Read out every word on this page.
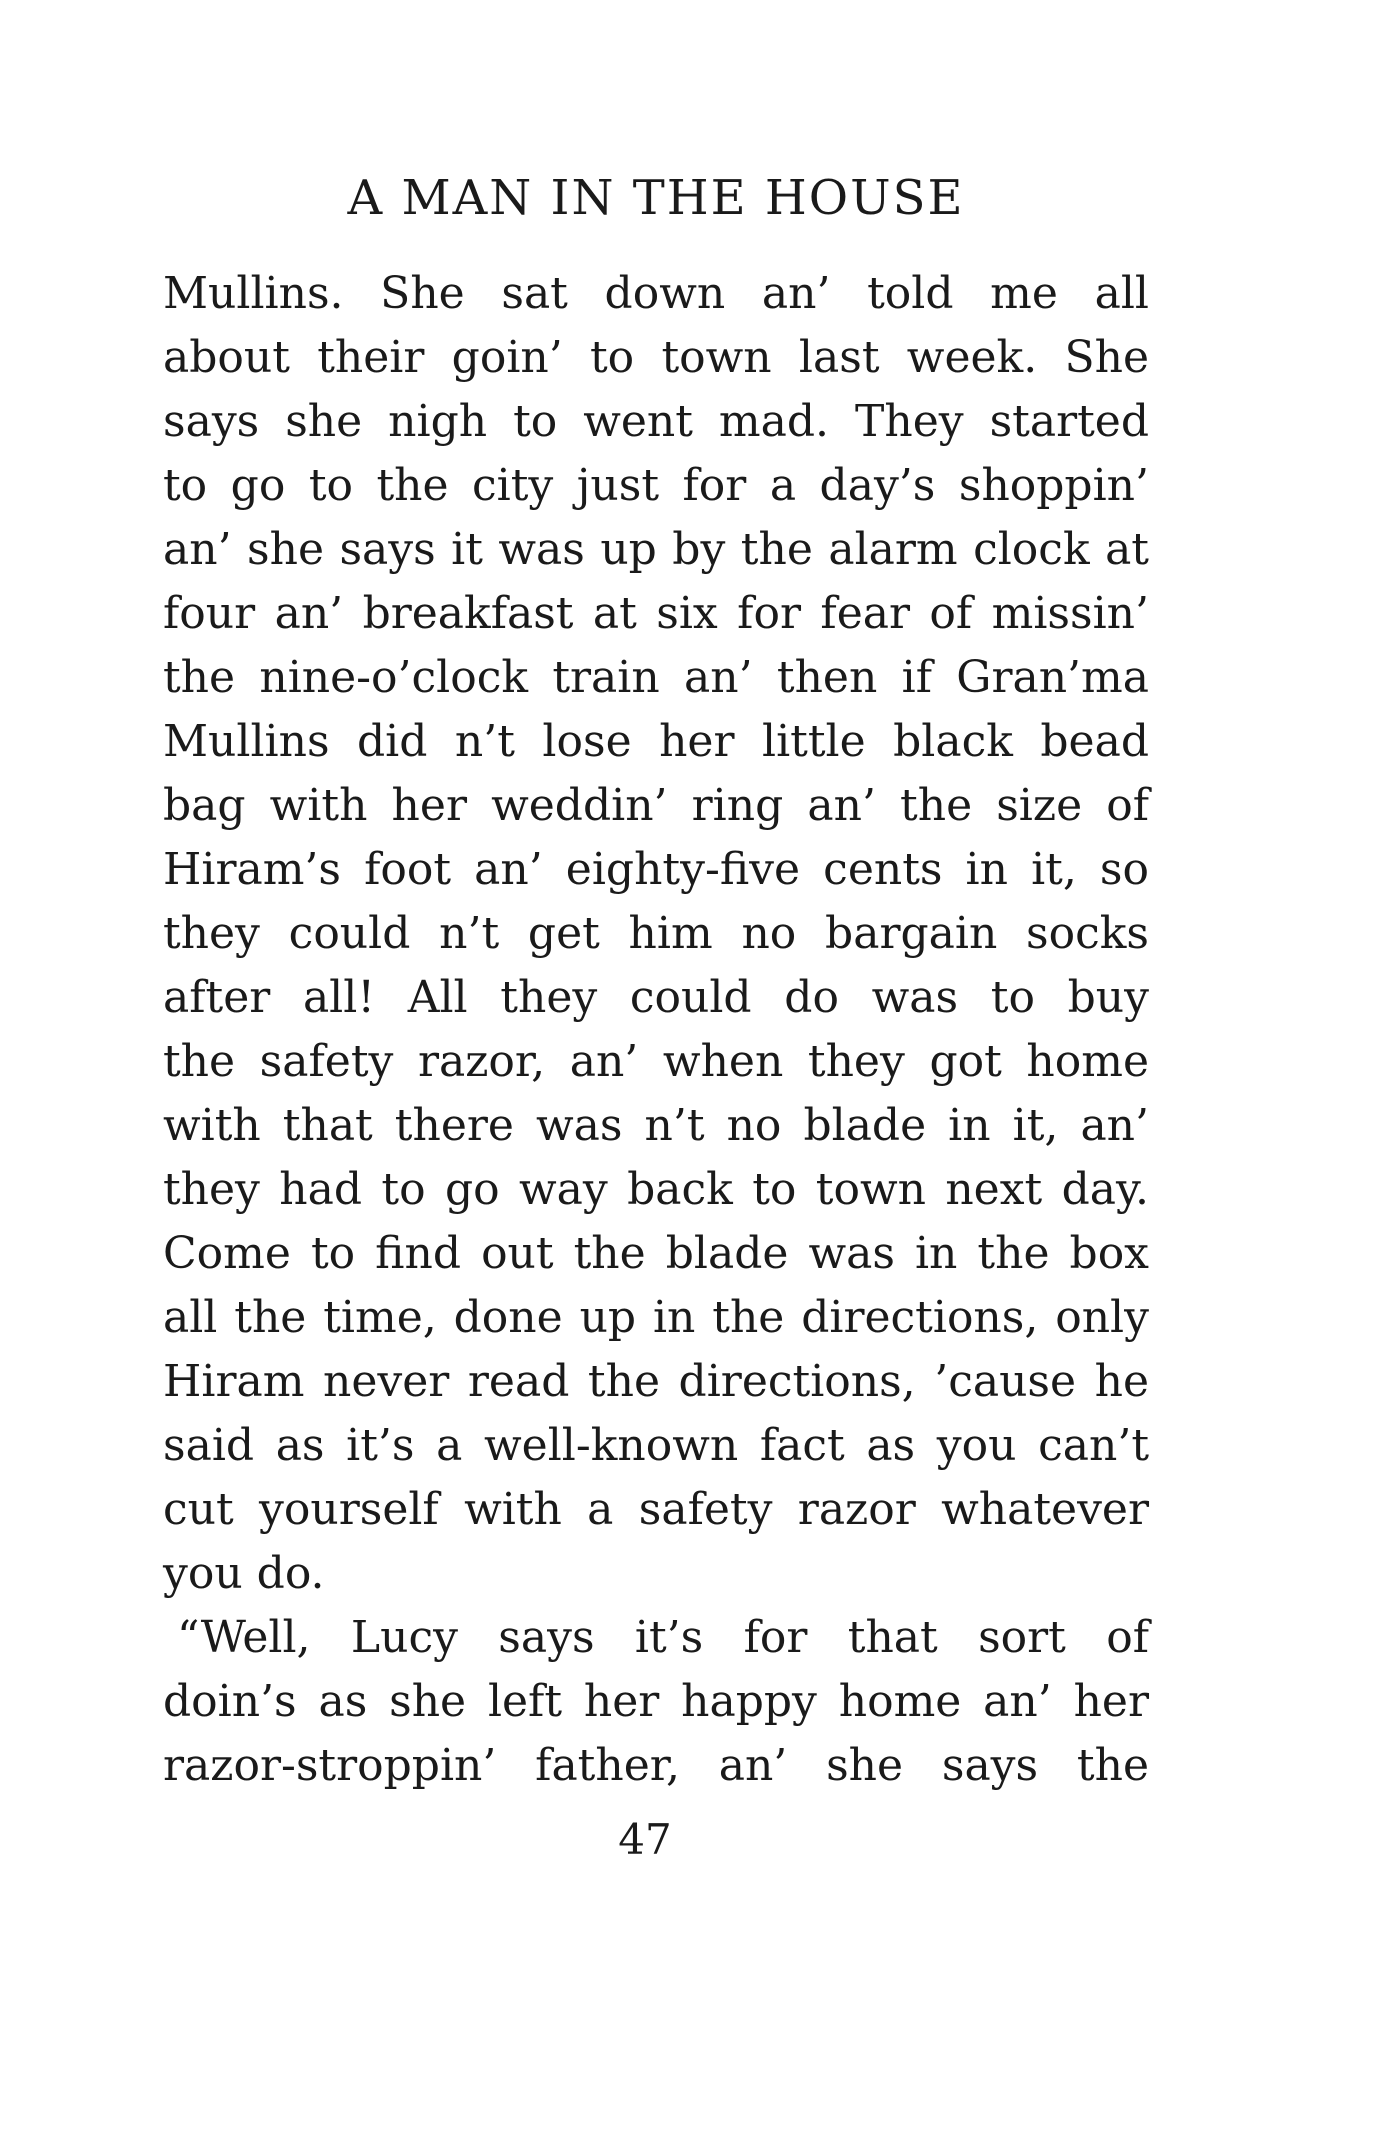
A MAN IN THE HOUSE
Mullins. She sat down an’ told me all
about their goin’ to town last week. She
says she nigh to went mad. They started
to go to the city just for a day’s shoppin’
an’ she says it was up by the alarm clock at
four an’ breakfast at six for fear of missin’
the nine-o’clock train an’ then if Gran’ma
Mullins did n’t lose her little black bead
bag with her weddin’ ring an’ the size of
Hiram’s foot an’ eighty-five cents in it, so
they could n’t get him no bargain socks
after all! All they could do was to buy
the safety razor, an’ when they got home
with that there was n’t no blade in it, an’
they had to go way back to town next day.
Come to find out the blade was in the box
all the time, done up in the directions, only
Hiram never read the directions, ’cause he
said as it’s a well-known fact as you can’t
cut yourself with a safety razor whatever
you do.
“Well, Lucy says it’s for that sort of
doin’s as she left her happy home an’ her
razor-stroppin’ father, an’ she says the
47
